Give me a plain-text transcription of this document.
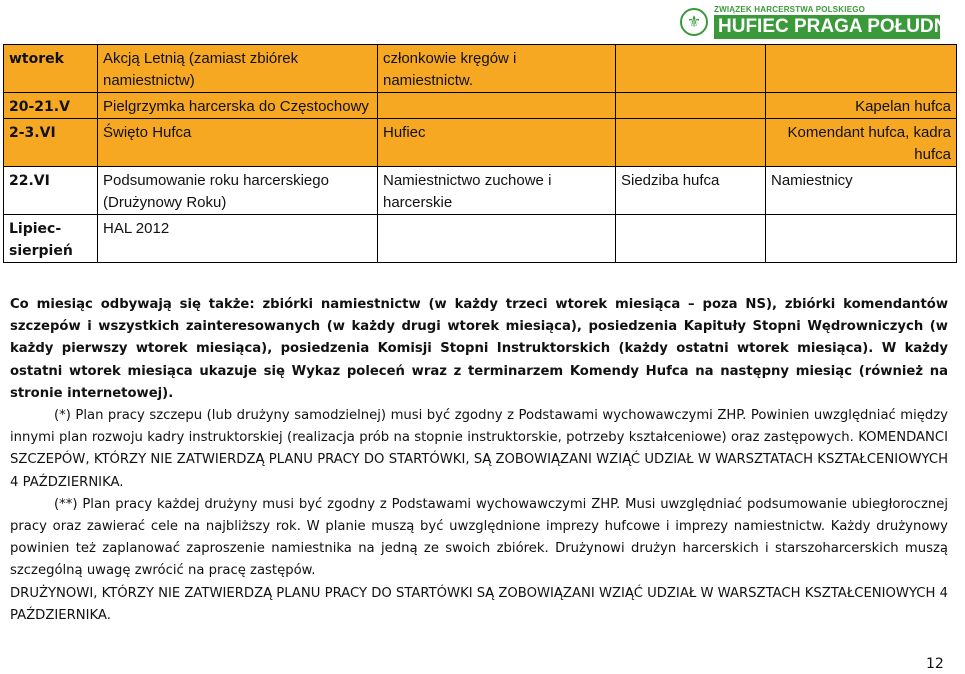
⚜
ZWIĄZEK HARCERSTWA POLSKIEGO
HUFIEC PRAGA POŁUDNIE
wtorek	Akcją Letnią (zamiast zbiórek namiestnictw)	członkowie kręgów i namiestnictw.		
20-21.V	Pielgrzymka harcerska do Częstochowy			Kapelan hufca
2-3.VI	Święto Hufca	Hufiec		Komendant hufca, kadra hufca
22.VI	Podsumowanie roku harcerskiego (Drużynowy Roku)	Namiestnictwo zuchowe i harcerskie	Siedziba hufca	Namiestnicy
Lipiec-sierpień	HAL 2012			

Co miesiąc odbywają się także: zbiórki namiestnictw (w każdy trzeci wtorek miesiąca – poza NS), zbiórki komendantów szczepów i wszystkich zainteresowanych (w każdy drugi wtorek miesiąca), posiedzenia Kapituły Stopni Wędrowniczych (w każdy pierwszy wtorek miesiąca), posiedzenia Komisji Stopni Instruktorskich (każdy ostatni wtorek miesiąca). W każdy ostatni wtorek miesiąca ukazuje się Wykaz poleceń wraz z terminarzem Komendy Hufca na następny miesiąc (również na stronie internetowej).

(*) Plan pracy szczepu (lub drużyny samodzielnej) musi być zgodny z Podstawami wychowawczymi ZHP. Powinien uwzględniać między innymi plan rozwoju kadry instruktorskiej (realizacja prób na stopnie instruktorskie, potrzeby kształceniowe) oraz zastępowych. KOMENDANCI SZCZEPÓW, KTÓRZY NIE ZATWIERDZĄ PLANU PRACY DO STARTÓWKI, SĄ ZOBOWIĄZANI WZIĄĆ UDZIAŁ W WARSZTATACH KSZTAŁCENIOWYCH 4 PAŹDZIERNIKA.

(**) Plan pracy każdej drużyny musi być zgodny z Podstawami wychowawczymi ZHP. Musi uwzględniać podsumowanie ubiegłorocznej pracy oraz zawierać cele na najbliższy rok. W planie muszą być uwzględnione imprezy hufcowe i imprezy namiestnictw. Każdy drużynowy powinien też zaplanować zaproszenie namiestnika na jedną ze swoich zbiórek. Drużynowi drużyn harcerskich i starszoharcerskich muszą szczególną uwagę zwrócić na pracę zastępów.

DRUŻYNOWI, KTÓRZY NIE ZATWIERDZĄ PLANU PRACY DO STARTÓWKI SĄ ZOBOWIĄZANI WZIĄĆ UDZIAŁ W WARSZTACH KSZTAŁCENIOWYCH 4 PAŹDZIERNIKA.

12
